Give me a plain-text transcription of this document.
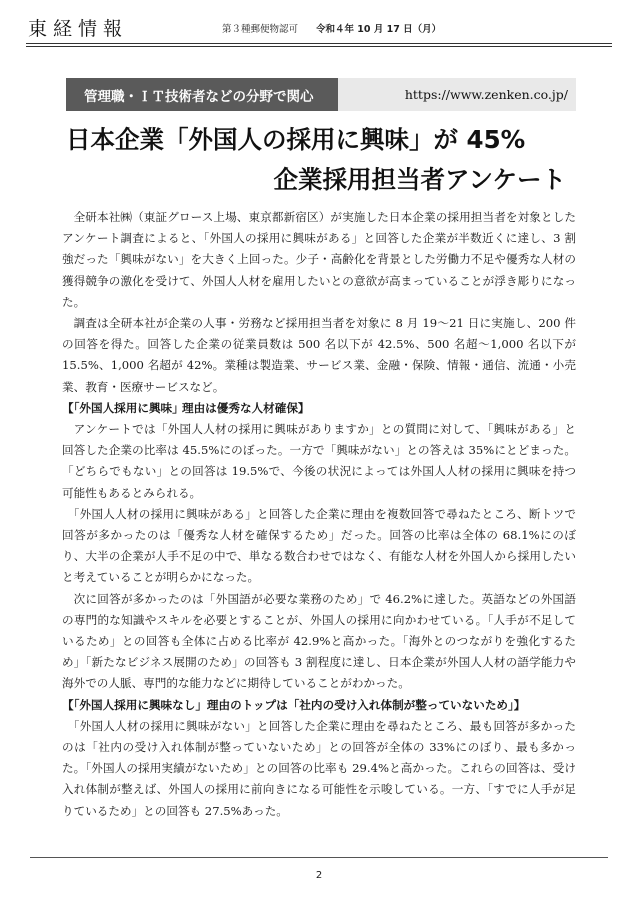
東経情報	第３種郵便物認可 令和４年 10 月 17 日（月）
管理職・ＩＴ技術者などの分野で関心	https://www.zenken.co.jp/
日本企業「外国人の採用に興味」が 45%
企業採用担当者アンケート

全研本社㈱（東証グロース上場、東京都新宿区）が実施した日本企業の採用担当者を対象としたアンケート調査によると、｢外国人の採用に興味がある」と回答した企業が半数近くに達し、3 割強だった「興味がない」を大きく上回った。少子・高齢化を背景とした労働力不足や優秀な人材の獲得競争の激化を受けて、外国人人材を雇用したいとの意欲が高まっていることが浮き彫りになった。

調査は全研本社が企業の人事・労務など採用担当者を対象に 8 月 19～21 日に実施し、200 件の回答を得た。回答した企業の従業員数は 500 名以下が 42.5%、500 名超～1,000 名以下が 15.5%、1,000 名超が 42%。業種は製造業、サービス業、金融・保険、情報・通信、流通・小売業、教育・医療サービスなど。

【｢外国人採用に興味｣ 理由は優秀な人材確保】

アンケートでは「外国人人材の採用に興味がありますか」との質問に対して、｢興味がある」と回答した企業の比率は 45.5%にのぼった。一方で「興味がない」との答えは 35%にとどまった。「どちらでもない」との回答は 19.5%で、今後の状況によっては外国人人材の採用に興味を持つ可能性もあるとみられる。

｢外国人人材の採用に興味がある」と回答した企業に理由を複数回答で尋ねたところ、断トツで回答が多かったのは「優秀な人材を確保するため」だった。回答の比率は全体の 68.1%にのぼり、大半の企業が人手不足の中で、単なる数合わせではなく、有能な人材を外国人から採用したいと考えていることが明らかになった。

次に回答が多かったのは「外国語が必要な業務のため」で 46.2%に達した。英語などの外国語の専門的な知識やスキルを必要とすることが、外国人の採用に向かわせている。｢人手が不足しているため」との回答も全体に占める比率が 42.9%と高かった。「海外とのつながりを強化するため」｢新たなビジネス展開のため」の回答も 3 割程度に達し、日本企業が外国人人材の語学能力や海外での人脈、専門的な能力などに期待していることがわかった。

【｢外国人採用に興味なし」理由のトップは「社内の受け入れ体制が整っていないため」】

｢外国人人材の採用に興味がない」と回答した企業に理由を尋ねたところ、最も回答が多かったのは「社内の受け入れ体制が整っていないため」との回答が全体の 33%にのぼり、最も多かった。「外国人の採用実績がないため」との回答の比率も 29.4%と高かった。これらの回答は、受け入れ体制が整えば、外国人の採用に前向きになる可能性を示唆している。一方、「すでに人手が足りているため」との回答も 27.5%あった。

2
